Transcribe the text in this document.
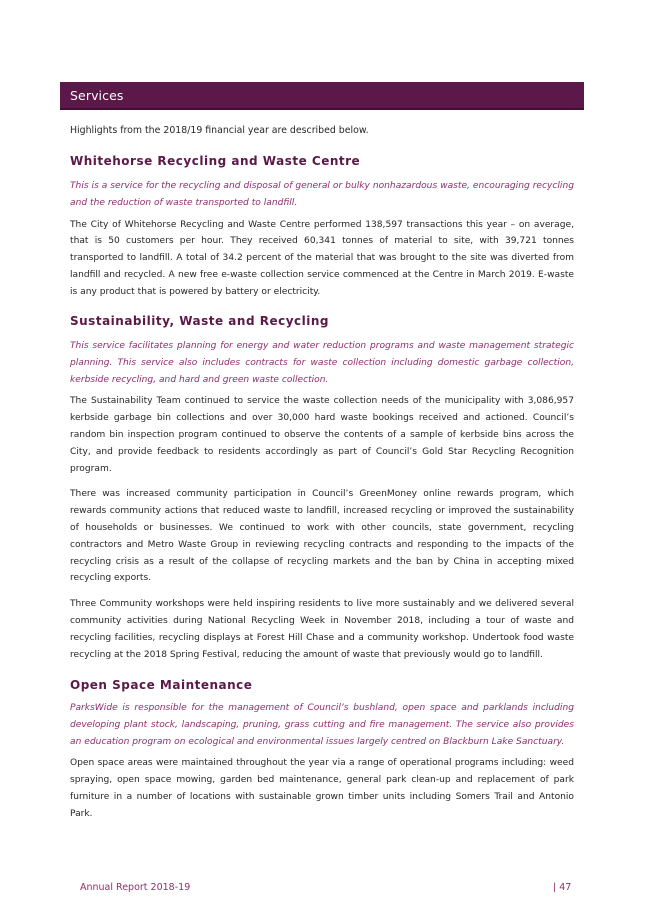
Services
Highlights from the 2018/19 financial year are described below.
Whitehorse Recycling and Waste Centre

This is a service for the recycling and disposal of general or bulky nonhazardous waste, encouraging recycling and the reduction of waste transported to landfill.

The City of Whitehorse Recycling and Waste Centre performed 138,597 transactions this year – on average, that is 50 customers per hour. They received 60,341 tonnes of material to site, with 39,721 tonnes transported to landfill. A total of 34.2 percent of the material that was brought to the site was diverted from landfill and recycled. A new free e-waste collection service commenced at the Centre in March 2019. E-waste is any product that is powered by battery or electricity.

Sustainability, Waste and Recycling

This service facilitates planning for energy and water reduction programs and waste management strategic planning. This service also includes contracts for waste collection including domestic garbage collection, kerbside recycling, and hard and green waste collection.

The Sustainability Team continued to service the waste collection needs of the municipality with 3,086,957 kerbside garbage bin collections and over 30,000 hard waste bookings received and actioned. Council’s random bin inspection program continued to observe the contents of a sample of kerbside bins across the City, and provide feedback to residents accordingly as part of Council’s Gold Star Recycling Recognition program.

There was increased community participation in Council’s GreenMoney online rewards program, which rewards community actions that reduced waste to landfill, increased recycling or improved the sustainability of households or businesses. We continued to work with other councils, state government, recycling contractors and Metro Waste Group in reviewing recycling contracts and responding to the impacts of the recycling crisis as a result of the collapse of recycling markets and the ban by China in accepting mixed recycling exports.

Three Community workshops were held inspiring residents to live more sustainably and we delivered several community activities during National Recycling Week in November 2018, including a tour of waste and recycling facilities, recycling displays at Forest Hill Chase and a community workshop. Undertook food waste recycling at the 2018 Spring Festival, reducing the amount of waste that previously would go to landfill.

Open Space Maintenance

ParksWide is responsible for the management of Council’s bushland, open space and parklands including developing plant stock, landscaping, pruning, grass cutting and fire management. The service also provides an education program on ecological and environmental issues largely centred on Blackburn Lake Sanctuary.

Open space areas were maintained throughout the year via a range of operational programs including: weed spraying, open space mowing, garden bed maintenance, general park clean-up and replacement of park furniture in a number of locations with sustainable grown timber units including Somers Trail and Antonio Park.

Annual Report 2018-19	| 47
